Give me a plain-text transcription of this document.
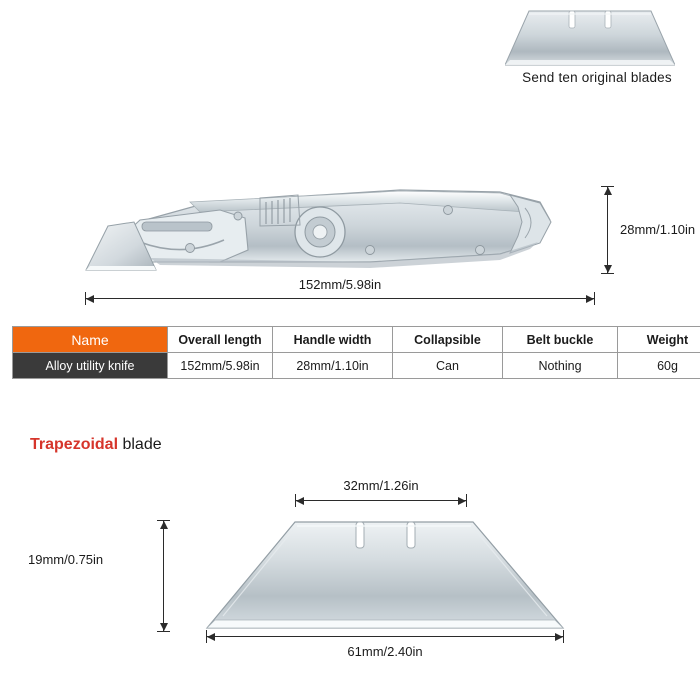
Send ten original blades
152mm/5.98in
28mm/1.10in
Name	Overall length	Handle width	Collapsible	Belt buckle	Weight
Alloy utility knife	152mm/5.98in	28mm/1.10in	Can	Nothing	60g
Trapezoidal blade
32mm/1.26in
61mm/2.40in
19mm/0.75in
